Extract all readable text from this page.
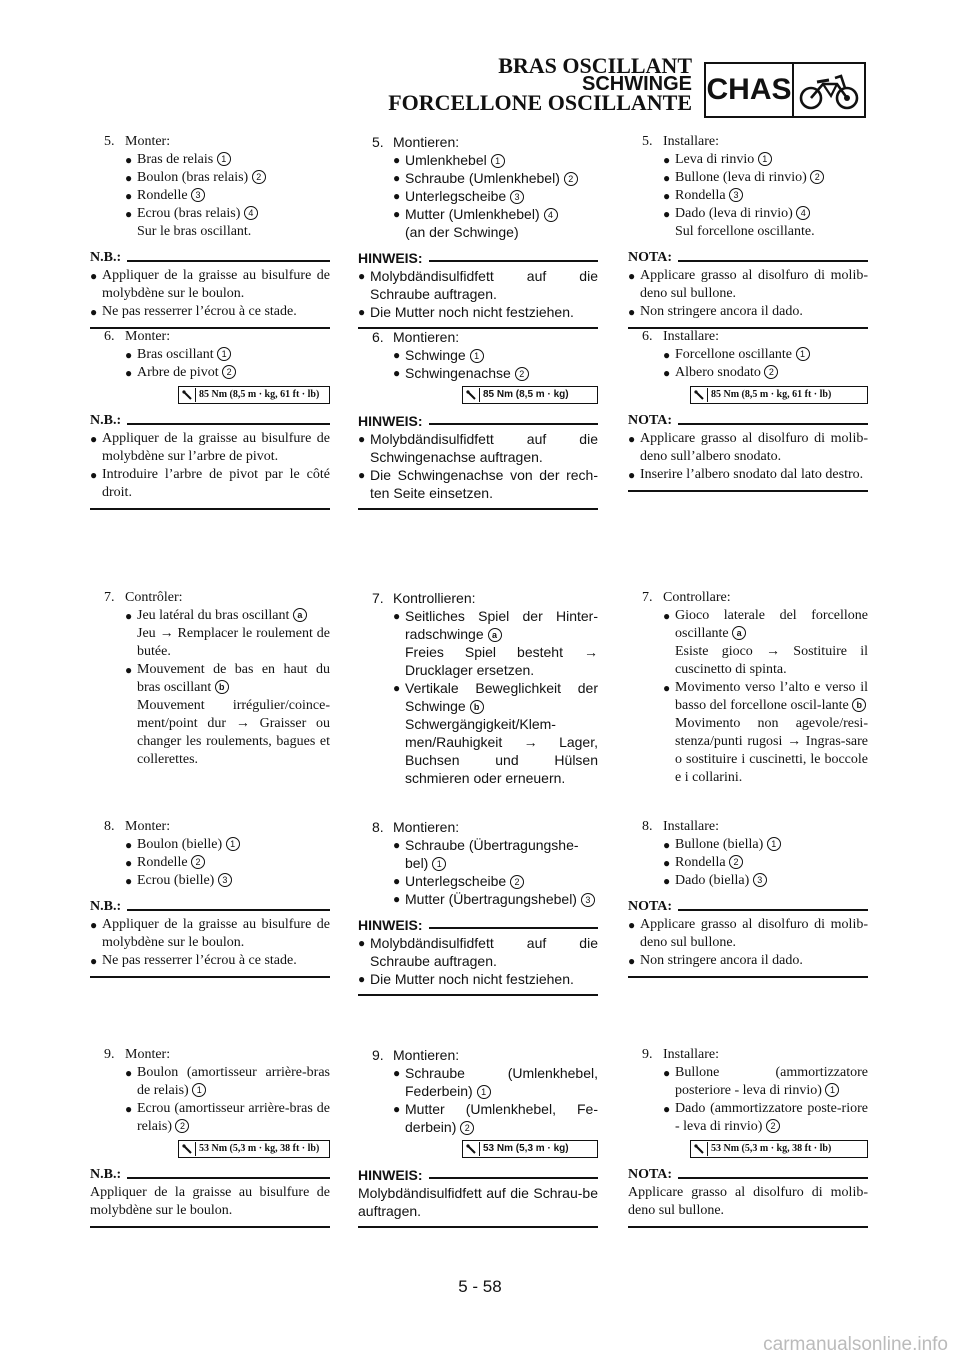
BRAS OSCILLANT
SCHWINGE
FORCELLONE OSCILLANTE CHAS
5. Monter:
● Bras de relais 1
● Boulon (bras relais) 2
● Rondelle 3
● Ecrou (bras relais) 4
Sur le bras oscillant.
N.B.:
● Appliquer de la graisse au bisulfure de molybdène sur le boulon.
● Ne pas resserrer l’écrou à ce stade.
6. Monter:
● Bras oscillant 1
● Arbre de pivot 2
85 Nm (8,5 m · kg, 61 ft · lb)
N.B.:
● Appliquer de la graisse au bisulfure de molybdène sur l’arbre de pivot.
● Introduire l’arbre de pivot par le côté droit.
7. Contrôler:
● Jeu latéral du bras oscillant a
Jeu → Remplacer le roulement de butée.
● Mouvement de bas en haut du bras oscillant b
Mouvement irrégulier/coince-ment/point dur → Graisser ou changer les roulements, bagues et collerettes.
8. Monter:
● Boulon (bielle) 1
● Rondelle 2
● Ecrou (bielle) 3
N.B.:
● Appliquer de la graisse au bisulfure de molybdène sur le boulon.
● Ne pas resserrer l’écrou à ce stade.
9. Monter:
● Boulon (amortisseur arrière-bras de relais) 1
● Ecrou (amortisseur arrière-bras de relais) 2
53 Nm (5,3 m · kg, 38 ft · lb)
N.B.:
Appliquer de la graisse au bisulfure de molybdène sur le boulon.
5. Montieren:
● Umlenkhebel 1
● Schraube (Umlenkhebel) 2
● Unterlegscheibe 3
● Mutter (Umlenkhebel) 4
(an der Schwinge)
HINWEIS:
● Molybdändisulfidfett auf die Schraube auftragen.
● Die Mutter noch nicht festziehen.
6. Montieren:
● Schwinge 1
● Schwingenachse 2
85 Nm (8,5 m · kg)
HINWEIS:
● Molybdändisulfidfett auf die Schwingenachse auftragen.
● Die Schwingenachse von der rech-ten Seite einsetzen.
7. Kontrollieren:
● Seitliches Spiel der Hinter-radschwinge a
Freies Spiel besteht → Drucklager ersetzen.
● Vertikale Beweglichkeit der Schwinge b
Schwergängigkeit/Klem-men/Rauhigkeit → Lager, Buchsen und Hülsen schmieren oder erneuern.
8. Montieren:
● Schraube (Übertragungshe-bel) 1
● Unterlegscheibe 2
● Mutter (Übertragungshebel) 3
HINWEIS:
● Molybdändisulfidfett auf die Schraube auftragen.
● Die Mutter noch nicht festziehen.
9. Montieren:
● Schraube (Umlenkhebel, Federbein) 1
● Mutter (Umlenkhebel, Fe-derbein) 2
53 Nm (5,3 m · kg)
HINWEIS:
Molybdändisulfidfett auf die Schrau-be auftragen.
5. Installare:
● Leva di rinvio 1
● Bullone (leva di rinvio) 2
● Rondella 3
● Dado (leva di rinvio) 4
Sul forcellone oscillante.
NOTA:
● Applicare grasso al disolfuro di molib-deno sul bullone.
● Non stringere ancora il dado.
6. Installare:
● Forcellone oscillante 1
● Albero snodato 2
85 Nm (8,5 m · kg, 61 ft · lb)
NOTA:
● Applicare grasso al disolfuro di molib-deno sull’albero snodato.
● Inserire l’albero snodato dal lato destro.
7. Controllare:
● Gioco laterale del forcellone oscillante a
Esiste gioco → Sostituire il cuscinetto di spinta.
● Movimento verso l’alto e verso il basso del forcellone oscil-lante b
Movimento non agevole/resi-stenza/punti rugosi → Ingras-sare o sostituire i cuscinetti, le boccole e i collarini.
8. Installare:
● Bullone (biella) 1
● Rondella 2
● Dado (biella) 3
NOTA:
● Applicare grasso al disolfuro di molib-deno sul bullone.
● Non stringere ancora il dado.
9. Installare:
● Bullone (ammortizzatore posteriore - leva di rinvio) 1
● Dado (ammortizzatore poste-riore - leva di rinvio) 2
53 Nm (5,3 m · kg, 38 ft · lb)
NOTA:
Applicare grasso al disolfuro di molib-deno sul bullone.
5 - 58
carmanualsonline.info
